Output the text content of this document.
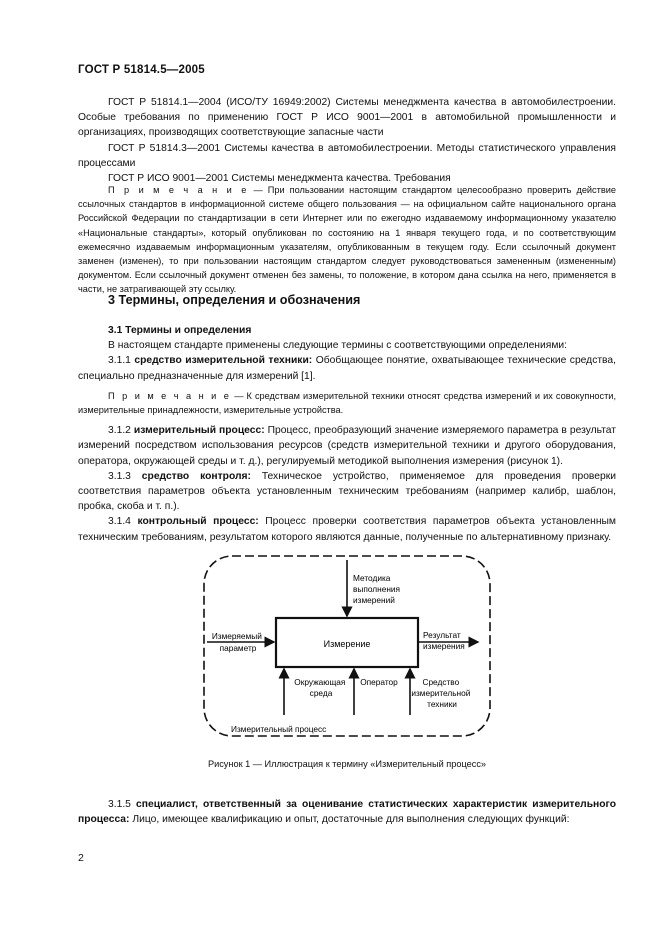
ГОСТ Р 51814.5—2005

ГОСТ Р 51814.1—2004 (ИСО/ТУ 16949:2002) Системы менеджмента качества в автомобилестроении. Особые требования по применению ГОСТ Р ИСО 9001—2001 в автомобильной промышленности и организациях, производящих соответствующие запасные части

ГОСТ Р 51814.3—2001 Системы качества в автомобилестроении. Методы статистического управления процессами

ГОСТ Р ИСО 9001—2001 Системы менеджмента качества. Требования

П р и м е ч а н и е — При пользовании настоящим стандартом целесообразно проверить действие ссылочных стандартов в информационной системе общего пользования — на официальном сайте национального органа Российской Федерации по стандартизации в сети Интернет или по ежегодно издаваемому информационному указателю «Национальные стандарты», который опубликован по состоянию на 1 января текущего года, и по соответствующим ежемесячно издаваемым информационным указателям, опубликованным в текущем году. Если ссылочный документ заменен (изменен), то при пользовании настоящим стандартом следует руководствоваться замененным (измененным) документом. Если ссылочный документ отменен без замены, то положение, в котором дана ссылка на него, применяется в части, не затрагивающей эту ссылку.
3 Термины, определения и обозначения

3.1 Термины и определения

В настоящем стандарте применены следующие термины с соответствующими определениями:

3.1.1 средство измерительной техники: Обобщающее понятие, охватывающее технические средства, специально предназначенные для измерений [1].

П р и м е ч а н и е — К средствам измерительной техники относят средства измерений и их совокупности, измерительные принадлежности, измерительные устройства.

3.1.2 измерительный процесс: Процесс, преобразующий значение измеряемого параметра в результат измерений посредством использования ресурсов (средств измерительной техники и другого оборудования, оператора, окружающей среды и т. д.), регулируемый методикой выполнения измерения (рисунок 1).

3.1.3 средство контроля: Техническое устройство, применяемое для проведения проверки соответствия параметров объекта установленным техническим требованиям (например калибр, шаблон, пробка, скоба и т. п.).

3.1.4 контрольный процесс: Процесс проверки соответствия параметров объекта установленным техническим требованиям, результатом которого являются данные, полученные по альтернативному признаку.

Измерение
Методика выполнения измерений
Измеряемый параметр
Результат измерения
Окружающая среда
Оператор	Средство измерительной техники
Измерительный процесс
Рисунок 1 — Иллюстрация к термину «Измерительный процесс»

3.1.5 специалист, ответственный за оценивание статистических характеристик измерительного процесса: Лицо, имеющее квалификацию и опыт, достаточные для выполнения следующих функций:

2
